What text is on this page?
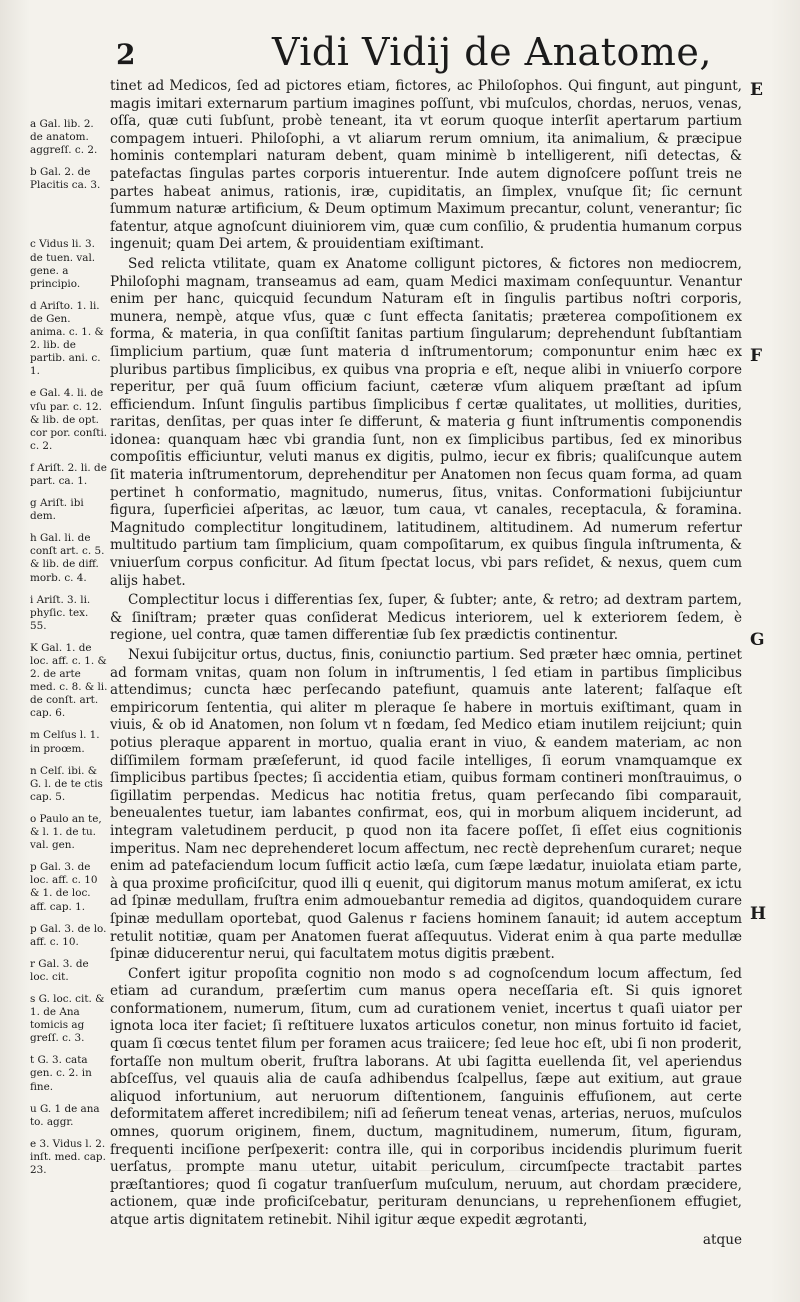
2	Vidi Vidij de Anatome,
E
F
G
H
a Gal. lib. 2. de anatom. aggreſſ. c. 2.
b Gal. 2. de Placitis ca. 3.
c Vidus li. 3. de tuen. val. gene. a principio.
d Ariſto. 1. li. de Gen. anima. c. 1. & 2. lib. de partib. ani. c. 1.
e Gal. 4. li. de vſu par. c. 12. & lib. de opt. cor por. conſti. c. 2.
f Ariſt. 2. li. de part. ca. 1.
g Ariſt. ibi dem.
h Gal. li. de conſt art. c. 5. & lib. de diff. morb. c. 4.
i Ariſt. 3. li. phyſic. tex. 55.
K Gal. 1. de loc. aff. c. 1. & 2. de arte med. c. 8. & li. de conſt. art. cap. 6.
m Celſus l. 1. in proœm.
n Celſ. ibi. & G. l. de te ctis cap. 5.
o Paulo an te, & l. 1. de tu. val. gen.
p Gal. 3. de loc. aff. c. 10 & 1. de loc. aff. cap. 1.
p Gal. 3. de lo. aff. c. 10.
r Gal. 3. de loc. cit.
s G. loc. cit. & 1. de Ana tomicis ag greſſ. c. 3.
t G. 3. cata gen. c. 2. in fine.
u G. 1 de ana to. aggr.
e 3. Vidus l. 2. inſt. med. cap. 23.

tinet ad Medicos, ſed ad pictores etiam, fictores, ac Philoſophos. Qui fingunt, aut pingunt, magis imitari externarum partium imagines poſſunt, vbi muſculos, chordas, neruos, venas, oſſa, quæ cuti ſubſunt, probè teneant, ita vt eorum quoque interſit apertarum partium compagem intueri. Philoſophi, a vt aliarum rerum omnium, ita animalium, & præcipue hominis contemplari naturam debent, quam minimè b intelligerent, niſi detectas, & patefactas ſingulas partes corporis intuerentur. Inde autem dignoſcere poſſunt treis ne partes habeat animus, rationis, iræ, cupiditatis, an ſimplex, vnuſque ſit; ſic cernunt ſummum naturæ artificium, & Deum optimum Maximum precantur, colunt, venerantur; ſic fatentur, atque agnoſcunt diuiniorem vim, quæ cum conſilio, & prudentia humanum corpus ingenuit; quam Dei artem, & prouidentiam exiſtimant.

Sed relicta vtilitate, quam ex Anatome colligunt pictores, & fictores non mediocrem, Philoſophi magnam, transeamus ad eam, quam Medici maximam conſequuntur. Venantur enim per hanc, quicquid ſecundum Naturam eſt in ſingulis partibus noſtri corporis, munera, nempè, atque vſus, quæ c ſunt effecta ſanitatis; præterea compoſitionem ex forma, & materia, in qua conſiſtit ſanitas partium ſingularum; deprehendunt ſubſtantiam ſimplicium partium, quæ ſunt materia d inſtrumentorum; componuntur enim hæc ex pluribus partibus ſimplicibus, ex quibus vna propria e eſt, neque alibi in vniuerſo corpore reperitur, per quā ſuum officium faciunt, cæteræ vſum aliquem præſtant ad ipſum efficiendum. Inſunt ſingulis partibus ſimplicibus f certæ qualitates, ut mollities, durities, raritas, denſitas, per quas inter ſe differunt, & materia g fiunt inſtrumentis componendis idonea: quanquam hæc vbi grandia ſunt, non ex ſimplicibus partibus, ſed ex minoribus compoſitis efficiuntur, veluti manus ex digitis, pulmo, iecur ex fibris; qualiſcunque autem ſit materia inſtrumentorum, deprehenditur per Anatomen non ſecus quam forma, ad quam pertinet h conformatio, magnitudo, numerus, ſitus, vnitas. Conformationi ſubijciuntur figura, ſuperficiei aſperitas, ac læuor, tum caua, vt canales, receptacula, & foramina. Magnitudo complectitur longitudinem, latitudinem, altitudinem. Ad numerum refertur multitudo partium tam ſimplicium, quam compoſitarum, ex quibus ſingula inſtrumenta, & vniuerſum corpus conficitur. Ad ſitum ſpectat locus, vbi pars reſidet, & nexus, quem cum alijs habet.

Complectitur locus i differentias ſex, ſuper, & ſubter; ante, & retro; ad dextram partem, & ſiniſtram; præter quas conſiderat Medicus interiorem, uel k exteriorem ſedem, è regione, uel contra, quæ tamen differentiæ ſub ſex prædictis continentur.

Nexui ſubijcitur ortus, ductus, finis, coniunctio partium. Sed præter hæc omnia, pertinet ad formam vnitas, quam non ſolum in inſtrumentis, l ſed etiam in partibus ſimplicibus attendimus; cuncta hæc perſecando patefiunt, quamuis ante laterent; falſaque eſt empiricorum ſententia, qui aliter m pleraque ſe habere in mortuis exiſtimant, quam in viuis, & ob id Anatomen, non ſolum vt n fœdam, ſed Medico etiam inutilem reijciunt; quin potius pleraque apparent in mortuo, qualia erant in viuo, & eandem materiam, ac non diſſimilem formam præſeferunt, id quod facile intelliges, ſi eorum vnamquamque ex ſimplicibus partibus ſpectes; ſi accidentia etiam, quibus formam contineri monſtrauimus, o ſigillatim perpendas. Medicus hac notitia fretus, quam perſecando ſibi comparauit, beneualentes tuetur, iam labantes confirmat, eos, qui in morbum aliquem inciderunt, ad integram valetudinem perducit, p quod non ita facere poſſet, ſi eſſet eius cognitionis imperitus. Nam nec deprehenderet locum affectum, nec rectè deprehenſum curaret; neque enim ad patefaciendum locum ſufficit actio læſa, cum ſæpe lædatur, inuiolata etiam parte, à qua proxime proficiſcitur, quod illi q euenit, qui digitorum manus motum amiſerat, ex ictu ad ſpinæ medullam, fruſtra enim admouebantur remedia ad digitos, quandoquidem curare ſpinæ medullam oportebat, quod Galenus r faciens hominem ſanauit; id autem acceptum retulit notitiæ, quam per Anatomen fuerat aſſequutus. Viderat enim à qua parte medullæ ſpinæ diducerentur nerui, qui facultatem motus digitis præbent.

Confert igitur propoſita cognitio non modo s ad cognoſcendum locum affectum, ſed etiam ad curandum, præſertim cum manus opera neceſſaria eſt. Si quis ignoret conformationem, numerum, ſitum, cum ad curationem veniet, incertus t quaſi uiator per ignota loca iter faciet; ſi reſtituere luxatos articulos conetur, non minus fortuito id faciet, quam ſi cœcus tentet filum per foramen acus traiicere; ſed leue hoc eſt, ubi ſi non proderit, fortaſſe non multum oberit, fruſtra laborans. At ubi ſagitta euellenda ſit, vel aperiendus abſceſſus, vel quauis alia de cauſa adhibendus ſcalpellus, ſæpe aut exitium, aut graue aliquod infortunium, aut neruorum diſtentionem, ſanguinis effuſionem, aut certe deformitatem afferet incredibilem; niſi ad ſeñerum teneat venas, arterias, neruos, muſculos omnes, quorum originem, finem, ductum, magnitudinem, numerum, ſitum, figuram, frequenti inciſione perſpexerit: contra ille, qui in corporibus incidendis plurimum fuerit uerſatus, prompte manu utetur, uitabit periculum, circumſpecte tractabit partes præſtantiores; quod ſi cogatur tranſuerſum muſculum, neruum, aut chordam præcidere, actionem, quæ inde proficiſcebatur, perituram denuncians, u reprehenſionem effugiet, atque artis dignitatem retinebit. Nihil igitur æque expedit ægrotanti,

atque
